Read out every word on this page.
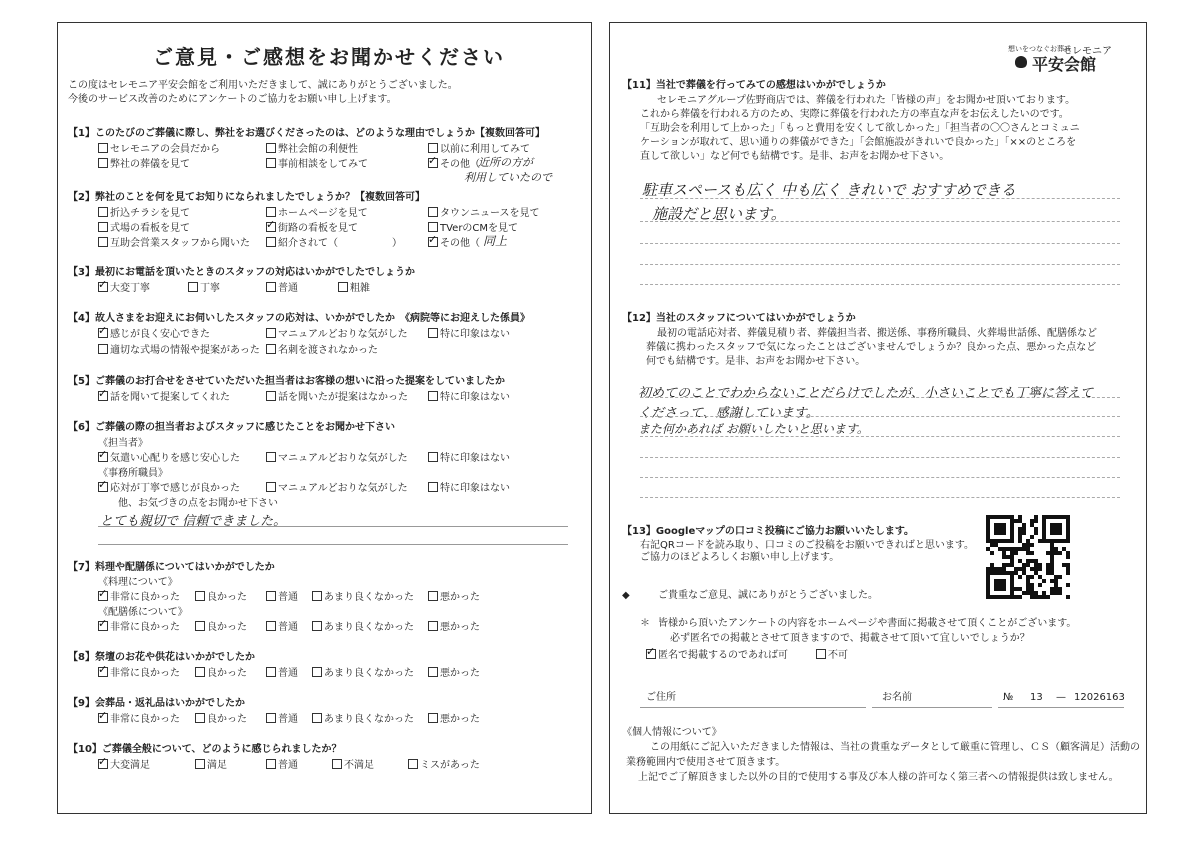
ご意見・ご感想をお聞かせください
この度はセレモニア平安会館をご利用いただきまして、誠にありがとうございました。
今後のサービス改善のためにアンケートのご協力をお願い申し上げます。
【1】このたびのご葬儀に際し、弊社をお選びくださったのは、どのような理由でしょうか【複数回答可】
セレモニアの会員だから	弊社会館の利便性	以前に利用してみて
弊社の葬儀を見て	事前相談をしてみて ✓	その他（
近所の方が
利用していたので
【2】弊社のことを何を見てお知りになられましたでしょうか？【複数回答可】
折込チラシを見て	ホームページを見て	タウンニュースを見て
式場の看板を見て ✓	街路の看板を見て	TVerのCMを見て
互助会営業スタッフから聞いた	紹介されて（	） ✓	その他（ 同上
【3】最初にお電話を頂いたときのスタッフの対応はいかがでしたでしょうか
✓大変丁寧	丁寧	普通	粗雑
【4】故人さまをお迎えにお伺いしたスタッフの応対は、いかがでしたか　《病院等にお迎えした係員》
✓感じが良く安心できた	マニュアルどおりな気がした	特に印象はない
適切な式場の情報や提案があった	名刺を渡されなかった
【5】ご葬儀のお打合せをさせていただいた担当者はお客様の想いに沿った提案をしていましたか
✓話を聞いて提案してくれた	話を聞いたが提案はなかった	特に印象はない
【6】ご葬儀の際の担当者およびスタッフに感じたことをお聞かせ下さい
《担当者》
✓気遣い心配りを感じ安心した	マニュアルどおりな気がした	特に印象はない
《事務所職員》
✓応対が丁寧で感じが良かった	マニュアルどおりな気がした	特に印象はない
他、お気づきの点をお聞かせ下さい
とても親切で 信頼できました。
【7】料理や配膳係についてはいかがでしたか
《料理について》
✓非常に良かった	良かった	普通	あまり良くなかった	悪かった
《配膳係について》
✓非常に良かった	良かった	普通	あまり良くなかった	悪かった
【8】祭壇のお花や供花はいかがでしたか
✓非常に良かった	良かった	普通	あまり良くなかった	悪かった
【9】会葬品・返礼品はいかがでしたか
✓非常に良かった	良かった	普通	あまり良くなかった	悪かった
【10】ご葬儀全般について、どのように感じられましたか？
✓大変満足	満足	普通	不満足	ミスがあった
想いをつなぐお葬式
セレモニア
平安会館
【11】当社で葬儀を行ってみての感想はいかがでしょうか
セレモニアグループ佐野商店では、葬儀を行われた「皆様の声」をお聞かせ頂いております。
これから葬儀を行われる方のため、実際に葬儀を行われた方の率直な声をお伝えしたいのです。
「互助会を利用して上かった」「もっと費用を安くして欲しかった」「担当者の〇〇さんとコミュニ
ケーションが取れて、思い通りの葬儀ができた」「会館施設がきれいで良かった」「××のところを
直して欲しい」など何でも結構です。是非、お声をお聞かせ下さい。
駐車スペースも広く 中も広く きれいで おすすめできる
施設だと思います。
【12】当社のスタッフについてはいかがでしょうか
最初の電話応対者、葬儀見積り者、葬儀担当者、搬送係、事務所職員、火葬場世話係、配膳係など
葬儀に携わったスタッフで気になったことはございませんでしょうか？良かった点、悪かった点など
何でも結構です。是非、お声をお聞かせ下さい。
初めてのことでわからないことだらけでしたが、小さいことでも丁寧に答えて
くださって、感謝しています。
また何かあれば お願いしたいと思います。
【13】Googleマップの口コミ投稿にご協力お願いいたします。
右記QRコードを読み取り、口コミのご投稿をお願いできればと思います。
ご協力のほどよろしくお願い申し上げます。
◆	ご貴重なご意見、誠にありがとうございました。
＊ 皆様から頂いたアンケートの内容をホームページや書面に掲載させて頂くことがございます。
必ず匿名での掲載とさせて頂きますので、掲載させて頂いて宜しいでしょうか？
✓匿名で掲載するのであれば可	不可
ご住所	お名前	№ 13 — 12026163
《個人情報について》
この用紙にご記入いただきました情報は、当社の貴重なデータとして厳重に管理し、ＣＳ（顧客満足）活動の
業務範囲内で使用させて頂きます。
上記でご了解頂きました以外の目的で使用する事及び本人様の許可なく第三者への情報提供は致しません。
